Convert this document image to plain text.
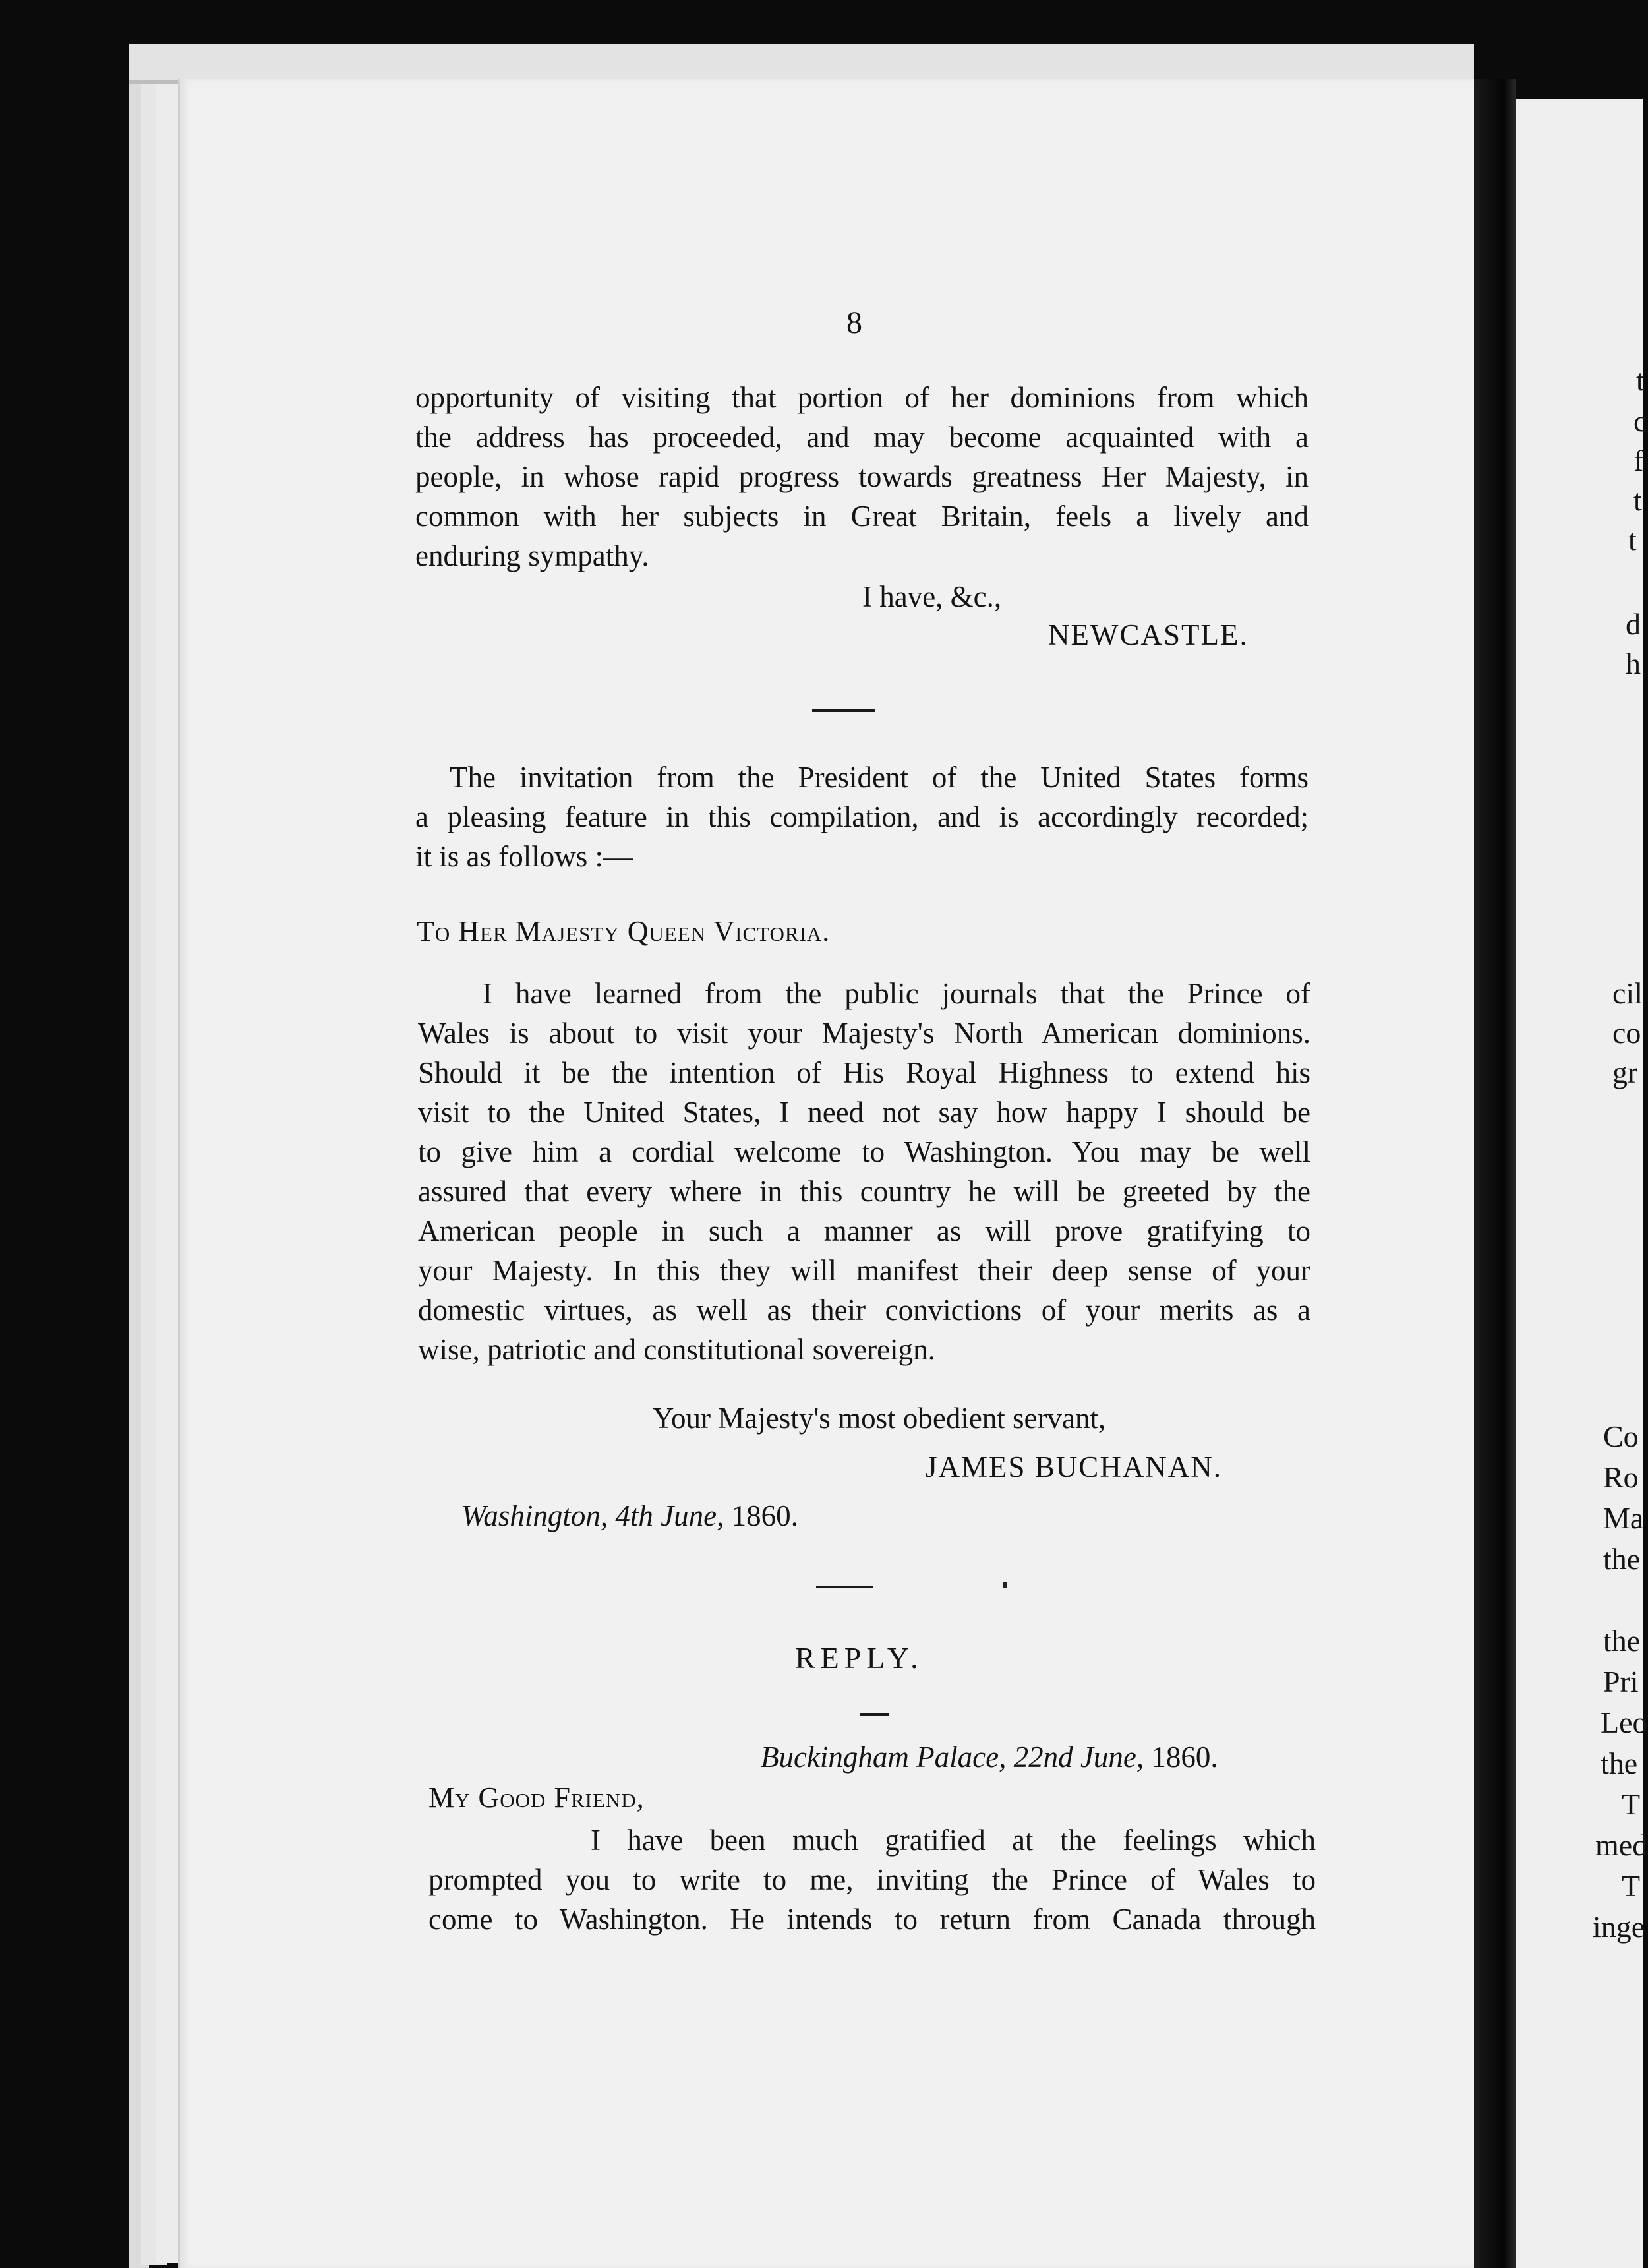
t
c
f
t
t
d
h
cil
co
gr
Co
Ro
Ma
the
the
Pri
Leo
the
T
med
T
inge
8
opportunity of visiting that portion of her dominions from which
the address has proceeded, and may become acquainted with a
people, in whose rapid progress towards greatness Her Majesty, in
common with her subjects in Great Britain, feels a lively and
enduring sympathy.
I have, &c.,
NEWCASTLE.
The invitation from the President of the United States forms
a pleasing feature in this compilation, and is accordingly recorded;
it is as follows :—
To Her Majesty Queen Victoria.
I have learned from the public journals that the Prince of
Wales is about to visit your Majesty's North American dominions.
Should it be the intention of His Royal Highness to extend his
visit to the United States, I need not say how happy I should be
to give him a cordial welcome to Washington. You may be well
assured that every where in this country he will be greeted by the
American people in such a manner as will prove gratifying to
your Majesty. In this they will manifest their deep sense of your
domestic virtues, as well as their convictions of your merits as a
wise, patriotic and constitutional sovereign.
Your Majesty's most obedient servant,
JAMES BUCHANAN.
Washington, 4th June, 1860.
REPLY.
Buckingham Palace, 22nd June, 1860.
My Good Friend,
I have been much gratified at the feelings which
prompted you to write to me, inviting the Prince of Wales to
come to Washington. He intends to return from Canada through
